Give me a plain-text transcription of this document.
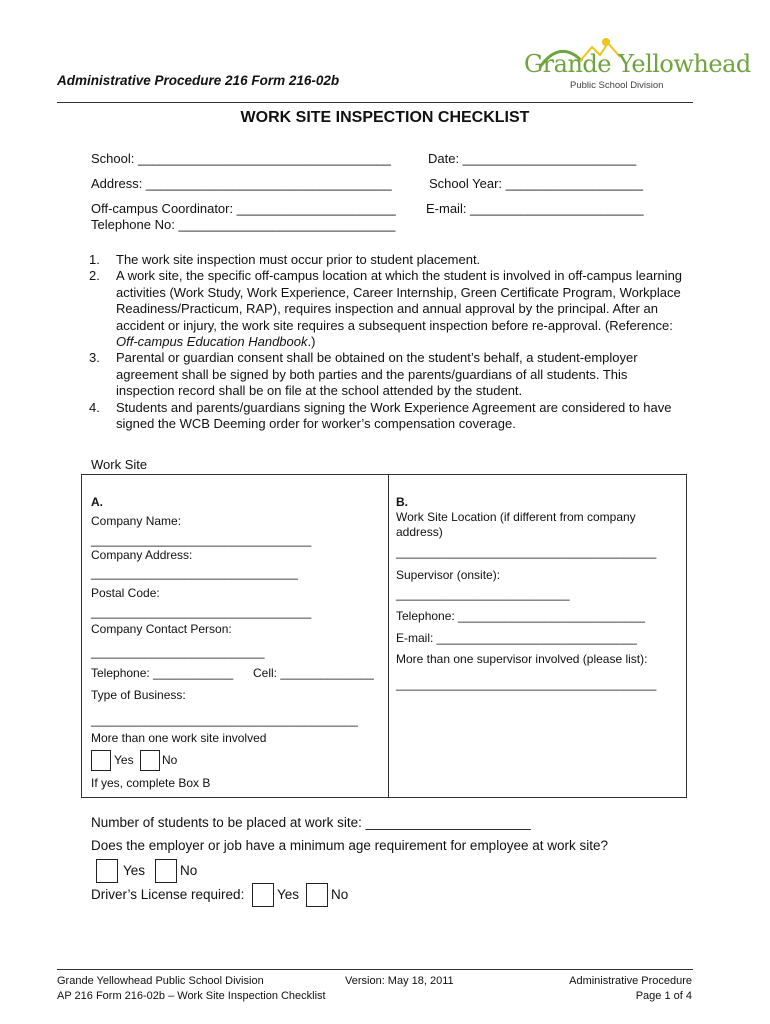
Administrative Procedure 216 Form 216-02b
Grande Yellowhead
Public School Division
WORK SITE INSPECTION CHECKLIST
School: ___________________________________	Date: ________________________
Address: __________________________________	School Year: ___________________
Off-campus Coordinator: ______________________ E-mail: ________________________
Telephone No: ______________________________
1. The work site inspection must occur prior to student placement.
2. A work site, the specific off-campus location at which the student is involved in off-campus learning activities (Work Study, Work Experience, Career Internship, Green Certificate Program, Workplace Readiness/Practicum, RAP), requires inspection and annual approval by the principal. After an accident or injury, the work site requires a subsequent inspection before re-approval. (Reference: Off-campus Education Handbook.)
3. Parental or guardian consent shall be obtained on the student’s behalf, a student-employer agreement shall be signed by both parties and the parents/guardians of all students. This inspection record shall be on file at the school attended by the student.
4. Students and parents/guardians signing the Work Experience Agreement are considered to have signed the WCB Deeming order for worker’s compensation coverage.
Work Site
A.
Company Name:
_________________________________
Company Address:
_______________________________
Postal Code:
_________________________________
Company Contact Person:
__________________________
Telephone: ____________ Cell: ______________
Type of Business:
________________________________________
More than one work site involved
Yes No
If yes, complete Box B
B.
Work Site Location (if different from company address)
_______________________________________
Supervisor (onsite):
__________________________
Telephone: ____________________________
E-mail: ______________________________
More than one supervisor involved (please list):
_______________________________________
Number of students to be placed at work site: ______________________
Does the employer or job have a minimum age requirement for employee at work site?
Yes	No
Driver’s License required: Yes No
Grande Yellowhead Public School Division
AP 216 Form 216-02b – Work Site Inspection Checklist
Version: May 18, 2011	Administrative Procedure
Page 1 of 4
